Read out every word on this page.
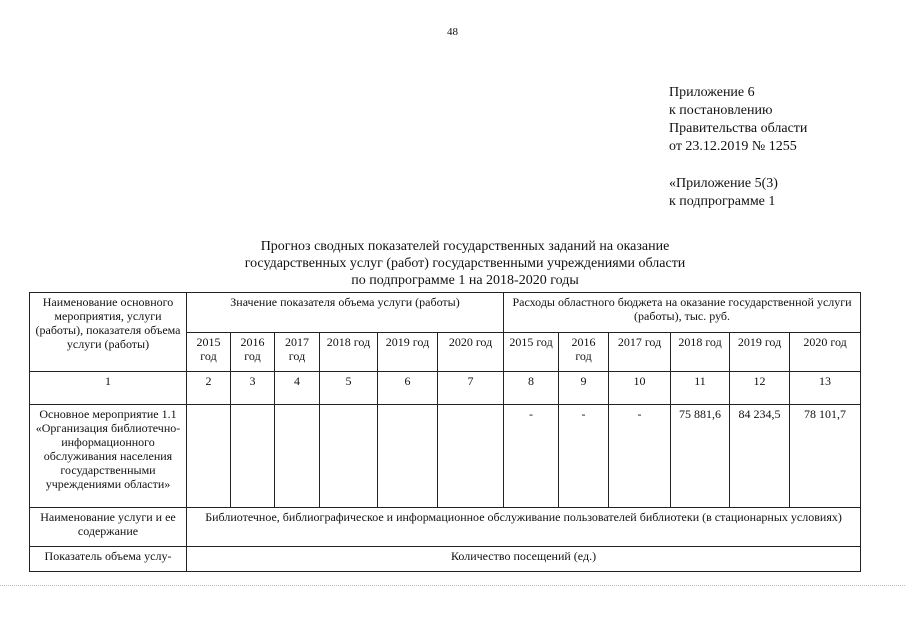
48
Приложение 6
к постановлению
Правительства области
от 23.12.2019 № 1255
«Приложение 5(3)
к подпрограмме 1
Прогноз сводных показателей государственных заданий на оказание
государственных услуг (работ) государственными учреждениями области
по подпрограмме 1 на 2018-2020 годы
Наименование основного мероприятия, услуги (работы), показателя объема услуги (работы)	Значение показателя объема услуги (работы)						Расходы областного бюджета на оказание государственной услуги (работы), тыс. руб.					
	2015 год	2016 год	2017 год	2018 год	2019 год	2020 год	2015 год	2016 год	2017 год	2018 год	2019 год	2020 год
1	2	3	4	5	6	7	8	9	10	11	12	13
Основное мероприятие 1.1 «Организация библиотечно-информационного обслуживания населения государственными учреждениями области»							-	-	-	75 881,6	84 234,5	78 101,7
Наименование услуги и ее содержание	Библиотечное, библиографическое и информационное обслуживание пользователей библиотеки (в стационарных условиях)											
Показатель объема услу-	Количество посещений (ед.)											
